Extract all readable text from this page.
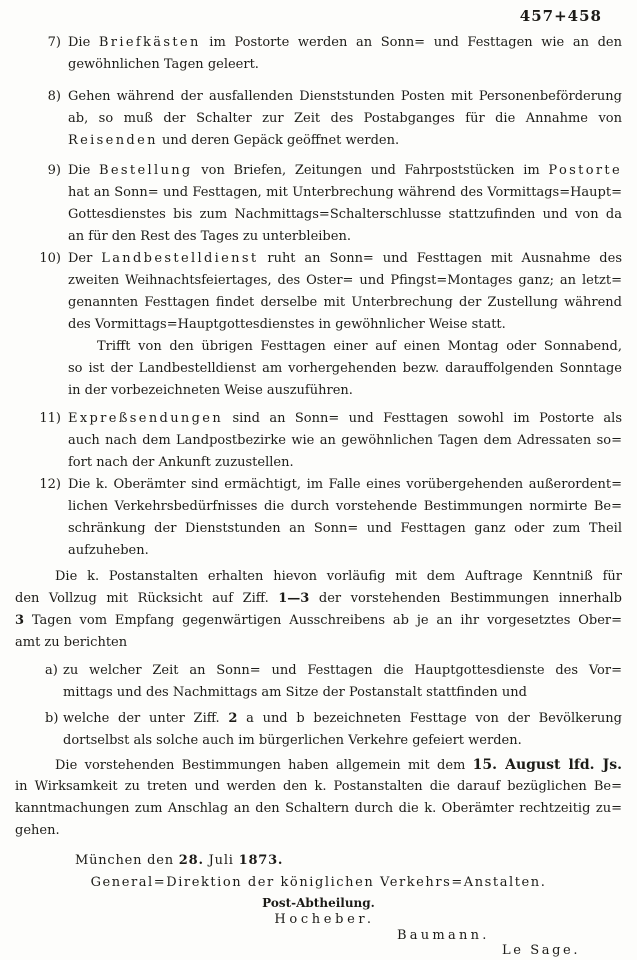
457+458
7) Die Briefkästen im Postorte werden an Sonn= und Festtagen wie an den
gewöhnlichen Tagen geleert.
8) Gehen während der ausfallenden Dienststunden Posten mit Personenbeförderung
ab, so muß der Schalter zur Zeit des Postabganges für die Annahme von
Reisenden und deren Gepäck geöffnet werden.
9) Die Bestellung von Briefen, Zeitungen und Fahrpoststücken im Postorte
hat an Sonn= und Festtagen, mit Unterbrechung während des Vormittags=Haupt=
Gottesdienstes bis zum Nachmittags=Schalterschlusse stattzufinden und von da
an für den Rest des Tages zu unterbleiben.
10) Der Landbestelldienst ruht an Sonn= und Festtagen mit Ausnahme des
zweiten Weihnachtsfeiertages, des Oster= und Pfingst=Montages ganz; an letzt=
genannten Festtagen findet derselbe mit Unterbrechung der Zustellung während
des Vormittags=Hauptgottesdienstes in gewöhnlicher Weise statt.
Trifft von den übrigen Festtagen einer auf einen Montag oder Sonnabend,
so ist der Landbestelldienst am vorhergehenden bezw. darauffolgenden Sonntage
in der vorbezeichneten Weise auszuführen.
11) Expreßsendungen sind an Sonn= und Festtagen sowohl im Postorte als
auch nach dem Landpostbezirke wie an gewöhnlichen Tagen dem Adressaten so=
fort nach der Ankunft zuzustellen.
12) Die k. Oberämter sind ermächtigt, im Falle eines vorübergehenden außerordent=
lichen Verkehrsbedürfnisses die durch vorstehende Bestimmungen normirte Be=
schränkung der Dienststunden an Sonn= und Festtagen ganz oder zum Theil
aufzuheben.
Die k. Postanstalten erhalten hievon vorläufig mit dem Auftrage Kenntniß für
den Vollzug mit Rücksicht auf Ziff. 1—3 der vorstehenden Bestimmungen innerhalb
3 Tagen vom Empfang gegenwärtigen Ausschreibens ab je an ihr vorgesetztes Ober=
amt zu berichten
a) zu welcher Zeit an Sonn= und Festtagen die Hauptgottesdienste des Vor=
mittags und des Nachmittags am Sitze der Postanstalt stattfinden und
b) welche der unter Ziff. 2 a und b bezeichneten Festtage von der Bevölkerung
dortselbst als solche auch im bürgerlichen Verkehre gefeiert werden.
Die vorstehenden Bestimmungen haben allgemein mit dem 15. August lfd. Js.
in Wirksamkeit zu treten und werden den k. Postanstalten die darauf bezüglichen Be=
kanntmachungen zum Anschlag an den Schaltern durch die k. Oberämter rechtzeitig zu=
gehen.
München den 28. Juli 1873.
General=Direktion der königlichen Verkehrs=Anstalten.
Post-Abtheilung.
Hocheber.
Baumann.
Le Sage.
